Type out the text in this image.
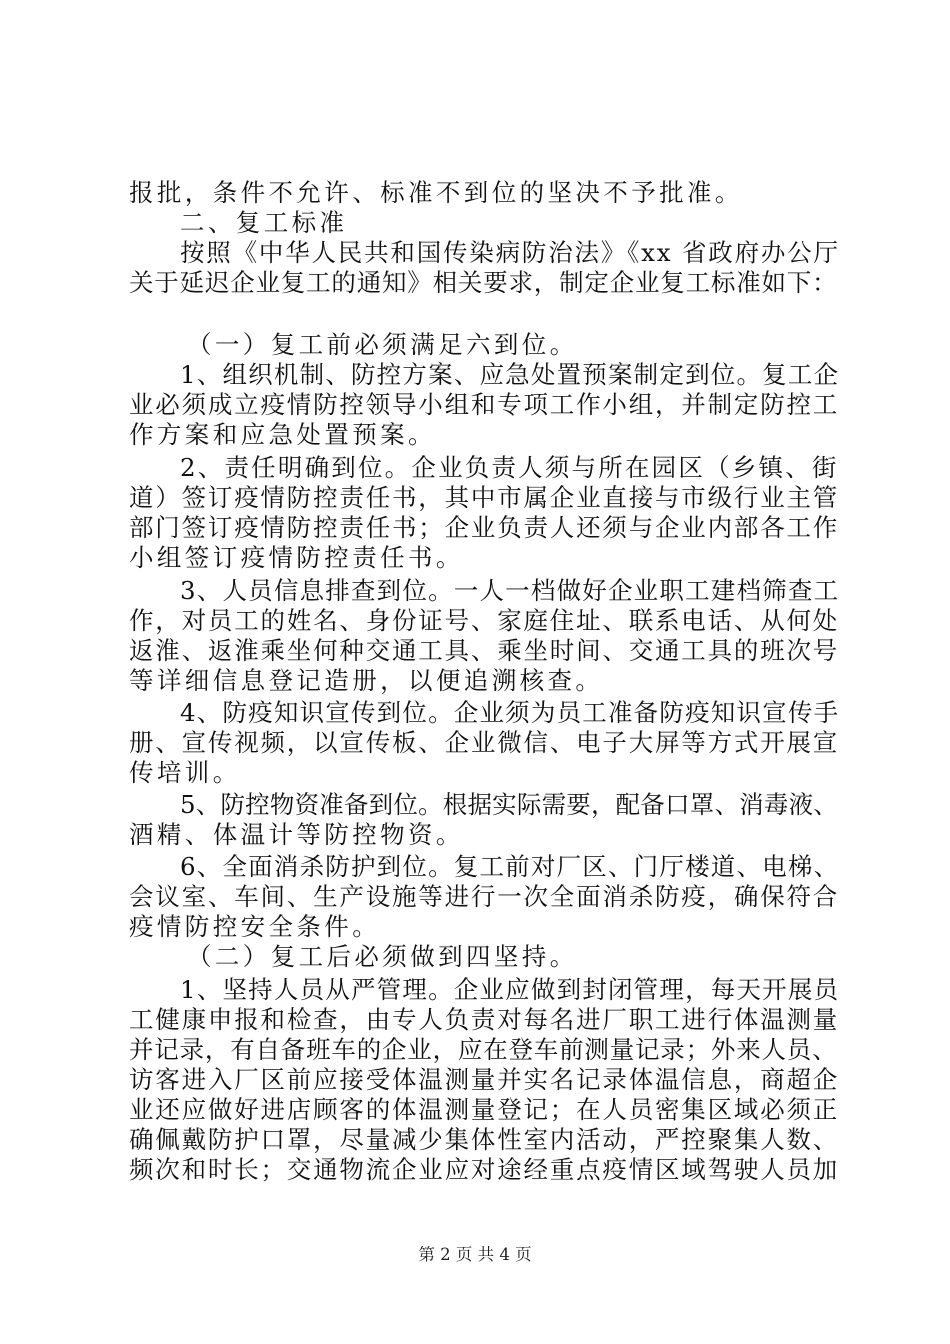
报批，条件不允许、标准不到位的坚决不予批准。
二、复工标准
按照《中华人民共和国传染病防治法》《xx 省政府办公厅
关于延迟企业复工的通知》相关要求，制定企业复工标准如下：
（一）复工前必须满足六到位。
1、组织机制、防控方案、应急处置预案制定到位。复工企
业必须成立疫情防控领导小组和专项工作小组，并制定防控工
作方案和应急处置预案。
2、责任明确到位。企业负责人须与所在园区（乡镇、街
道）签订疫情防控责任书，其中市属企业直接与市级行业主管
部门签订疫情防控责任书；企业负责人还须与企业内部各工作
小组签订疫情防控责任书。
3、人员信息排查到位。一人一档做好企业职工建档筛查工
作，对员工的姓名、身份证号、家庭住址、联系电话、从何处
返淮、返淮乘坐何种交通工具、乘坐时间、交通工具的班次号
等详细信息登记造册，以便追溯核查。
4、防疫知识宣传到位。企业须为员工准备防疫知识宣传手
册、宣传视频，以宣传板、企业微信、电子大屏等方式开展宣
传培训。
5、防控物资准备到位。根据实际需要，配备口罩、消毒液、
酒精、体温计等防控物资。
6、全面消杀防护到位。复工前对厂区、门厅楼道、电梯、
会议室、车间、生产设施等进行一次全面消杀防疫，确保符合
疫情防控安全条件。
（二）复工后必须做到四坚持。
1、坚持人员从严管理。企业应做到封闭管理，每天开展员
工健康申报和检查，由专人负责对每名进厂职工进行体温测量
并记录，有自备班车的企业，应在登车前测量记录；外来人员、
访客进入厂区前应接受体温测量并实名记录体温信息，商超企
业还应做好进店顾客的体温测量登记；在人员密集区域必须正
确佩戴防护口罩，尽量减少集体性室内活动，严控聚集人数、
频次和时长；交通物流企业应对途经重点疫情区域驾驶人员加
第 2 页 共 4 页
